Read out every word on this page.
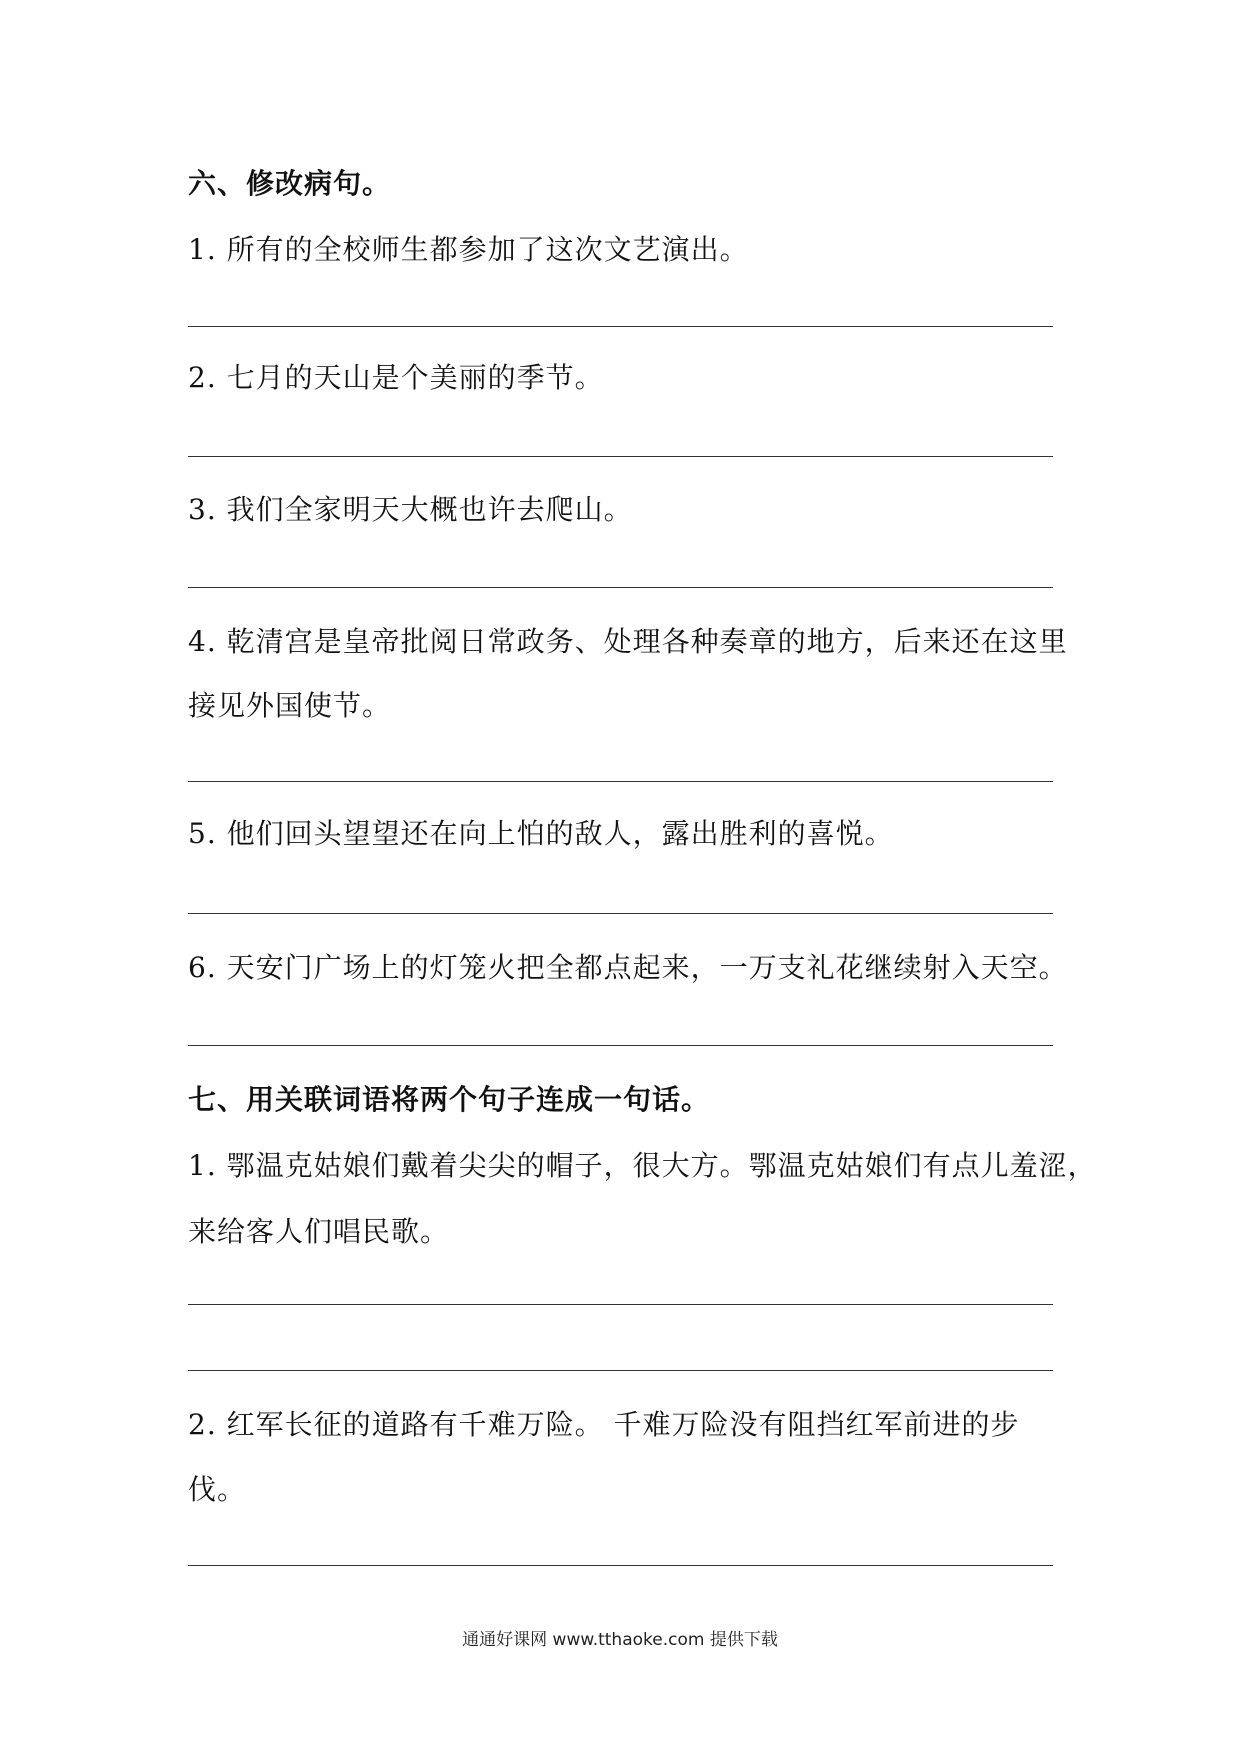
六、修改病句。
1. 所有的全校师生都参加了这次文艺演出。
2. 七月的天山是个美丽的季节。
3. 我们全家明天大概也许去爬山。
4. 乾清宫是皇帝批阅日常政务、处理各种奏章的地方，后来还在这里
接见外国使节。
5. 他们回头望望还在向上怕的敌人，露出胜利的喜悦。
6. 天安门广场上的灯笼火把全都点起来，一万支礼花继续射入天空。
七、用关联词语将两个句子连成一句话。
1. 鄂温克姑娘们戴着尖尖的帽子，很大方。鄂温克姑娘们有点儿羞涩，
来给客人们唱民歌。
2. 红军长征的道路有千难万险。 千难万险没有阻挡红军前进的步
伐。
通通好课网 www.tthaoke.com 提供下载
